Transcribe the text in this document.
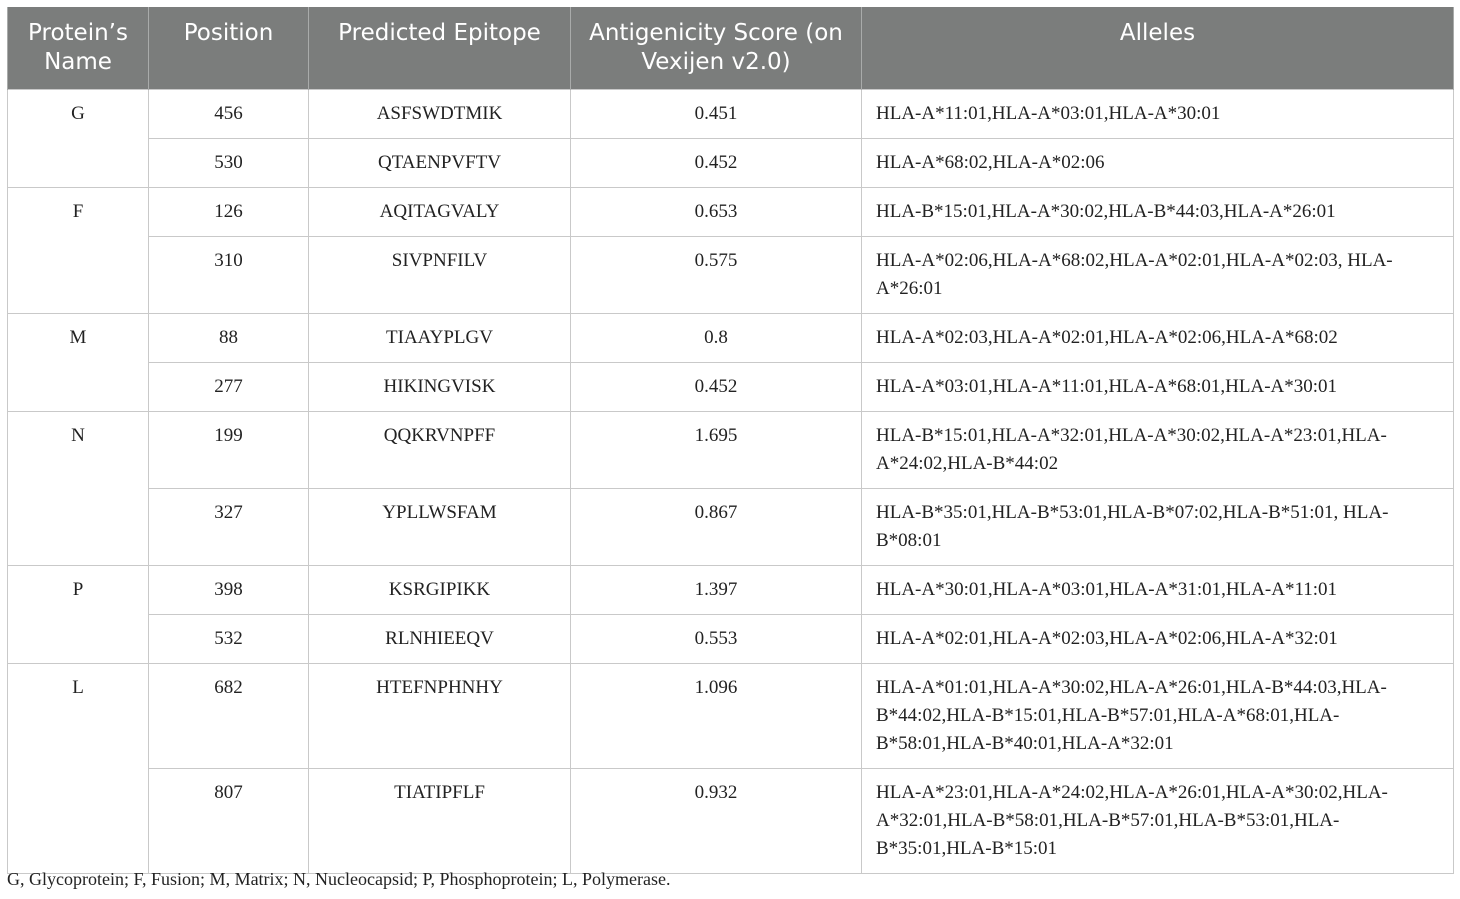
Protein’s Name	Position	Predicted Epitope	Antigenicity Score (on Vexijen v2.0)	Alleles
G	456	ASFSWDTMIK	0.451	HLA-A*11:01,HLA-A*03:01,HLA-A*30:01
	530	QTAENPVFTV	0.452	HLA-A*68:02,HLA-A*02:06
F	126	AQITAGVALY	0.653	HLA-B*15:01,HLA-A*30:02,HLA-B*44:03,HLA-A*26:01
	310	SIVPNFILV	0.575	HLA-A*02:06,HLA-A*68:02,HLA-A*02:01,HLA-A*02:03, HLA-A*26:01
M	88	TIAAYPLGV	0.8	HLA-A*02:03,HLA-A*02:01,HLA-A*02:06,HLA-A*68:02
	277	HIKINGVISK	0.452	HLA-A*03:01,HLA-A*11:01,HLA-A*68:01,HLA-A*30:01
N	199	QQKRVNPFF	1.695	HLA-B*15:01,HLA-A*32:01,HLA-A*30:02,HLA-A*23:01,HLA-A*24:02,HLA-B*44:02
	327	YPLLWSFAM	0.867	HLA-B*35:01,HLA-B*53:01,HLA-B*07:02,HLA-B*51:01, HLA-B*08:01
P	398	KSRGIPIKK	1.397	HLA-A*30:01,HLA-A*03:01,HLA-A*31:01,HLA-A*11:01
	532	RLNHIEEQV	0.553	HLA-A*02:01,HLA-A*02:03,HLA-A*02:06,HLA-A*32:01
L	682	HTEFNPHNHY	1.096	HLA-A*01:01,HLA-A*30:02,HLA-A*26:01,HLA-B*44:03,HLA-B*44:02,HLA-B*15:01,HLA-B*57:01,HLA-A*68:01,HLA-B*58:01,HLA-B*40:01,HLA-A*32:01
	807	TIATIPFLF	0.932	HLA-A*23:01,HLA-A*24:02,HLA-A*26:01,HLA-A*30:02,HLA-A*32:01,HLA-B*58:01,HLA-B*57:01,HLA-B*53:01,HLA-B*35:01,HLA-B*15:01
G, Glycoprotein; F, Fusion; M, Matrix; N, Nucleocapsid; P, Phosphoprotein; L, Polymerase.
